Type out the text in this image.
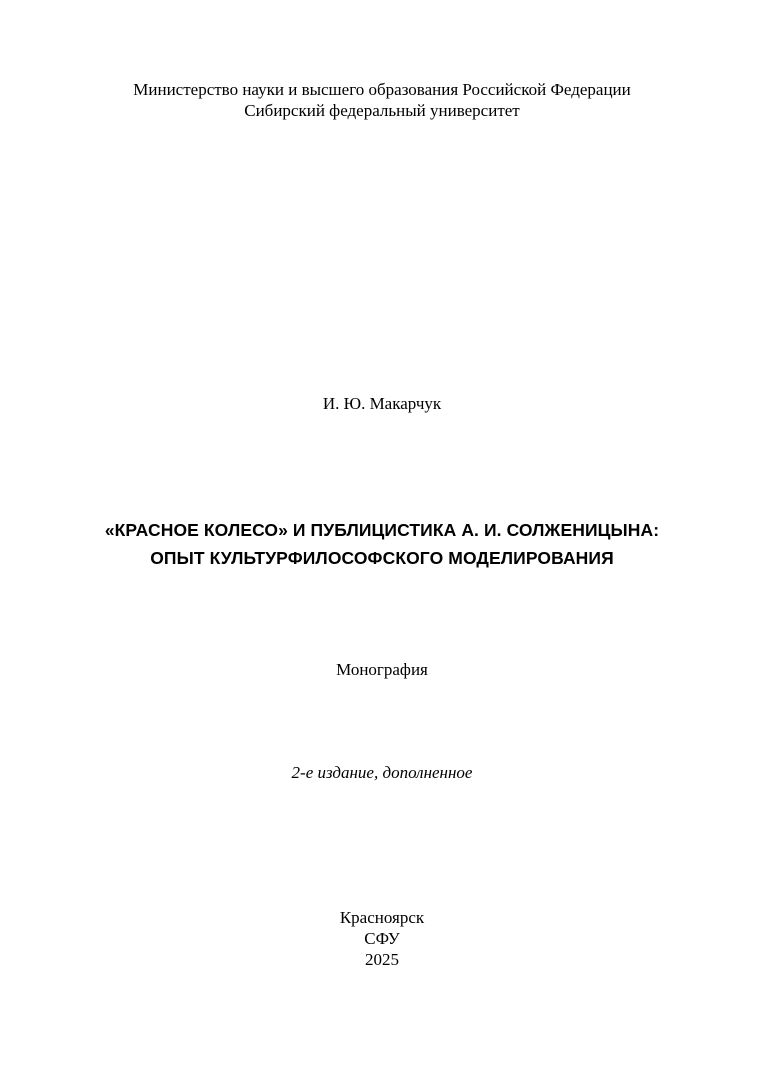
Министерство науки и высшего образования Российской Федерации
Сибирский федеральный университет
И. Ю. Макарчук
«КРАСНОЕ КОЛЕСО» И ПУБЛИЦИСТИКА А. И. СОЛЖЕНИЦЫНА:
ОПЫТ КУЛЬТУРФИЛОСОФСКОГО МОДЕЛИРОВАНИЯ
Монография
2-е издание, дополненное
Красноярск
СФУ
2025
